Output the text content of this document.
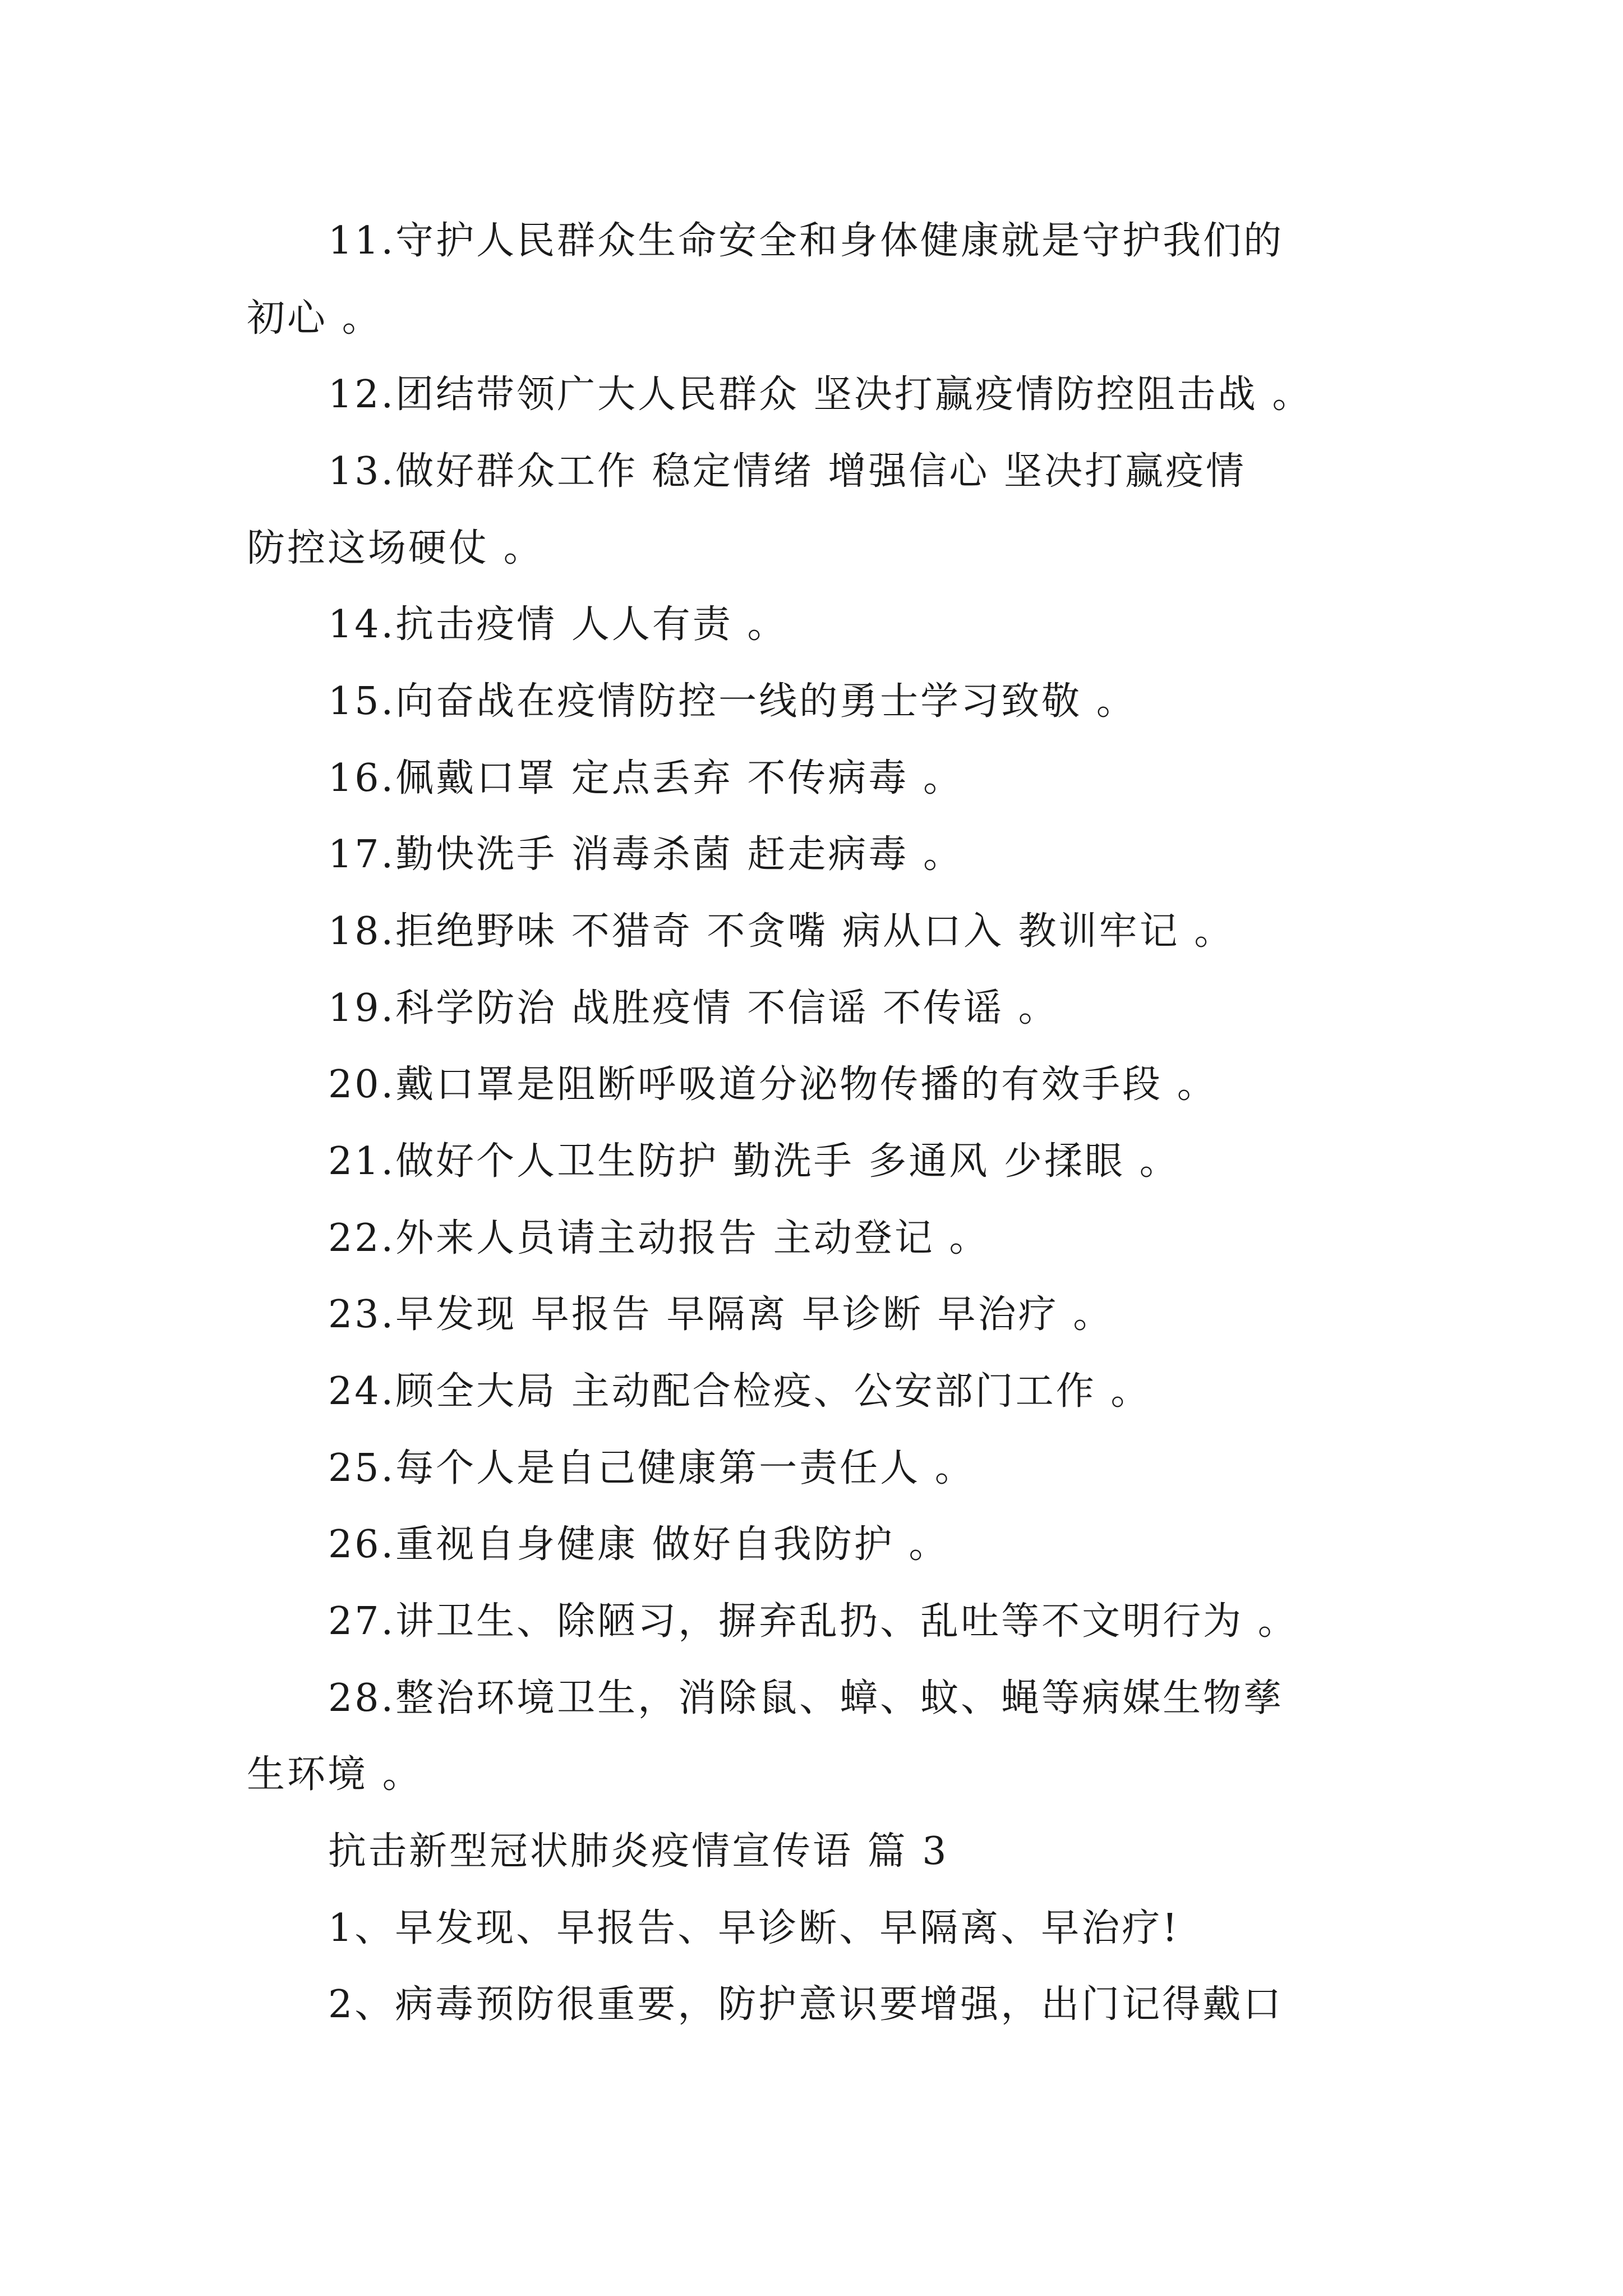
11.守护人民群众生命安全和身体健康就是守护我们的

初心 。

12.团结带领广大人民群众 坚决打赢疫情防控阻击战 。

13.做好群众工作 稳定情绪 增强信心 坚决打赢疫情

防控这场硬仗 。

14.抗击疫情 人人有责 。

15.向奋战在疫情防控一线的勇士学习致敬 。

16.佩戴口罩 定点丢弃 不传病毒 。

17.勤快洗手 消毒杀菌 赶走病毒 。

18.拒绝野味 不猎奇 不贪嘴 病从口入 教训牢记 。

19.科学防治 战胜疫情 不信谣 不传谣 。

20.戴口罩是阻断呼吸道分泌物传播的有效手段 。

21.做好个人卫生防护 勤洗手 多通风 少揉眼 。

22.外来人员请主动报告 主动登记 。

23.早发现 早报告 早隔离 早诊断 早治疗 。

24.顾全大局 主动配合检疫、公安部门工作 。

25.每个人是自己健康第一责任人 。

26.重视自身健康 做好自我防护 。

27.讲卫生、除陋习，摒弃乱扔、乱吐等不文明行为 。

28.整治环境卫生，消除鼠、蟑、蚊、蝇等病媒生物孳

生环境 。

抗击新型冠状肺炎疫情宣传语 篇 3

1、早发现、早报告、早诊断、早隔离、早治疗!

2、病毒预防很重要，防护意识要增强，出门记得戴口
